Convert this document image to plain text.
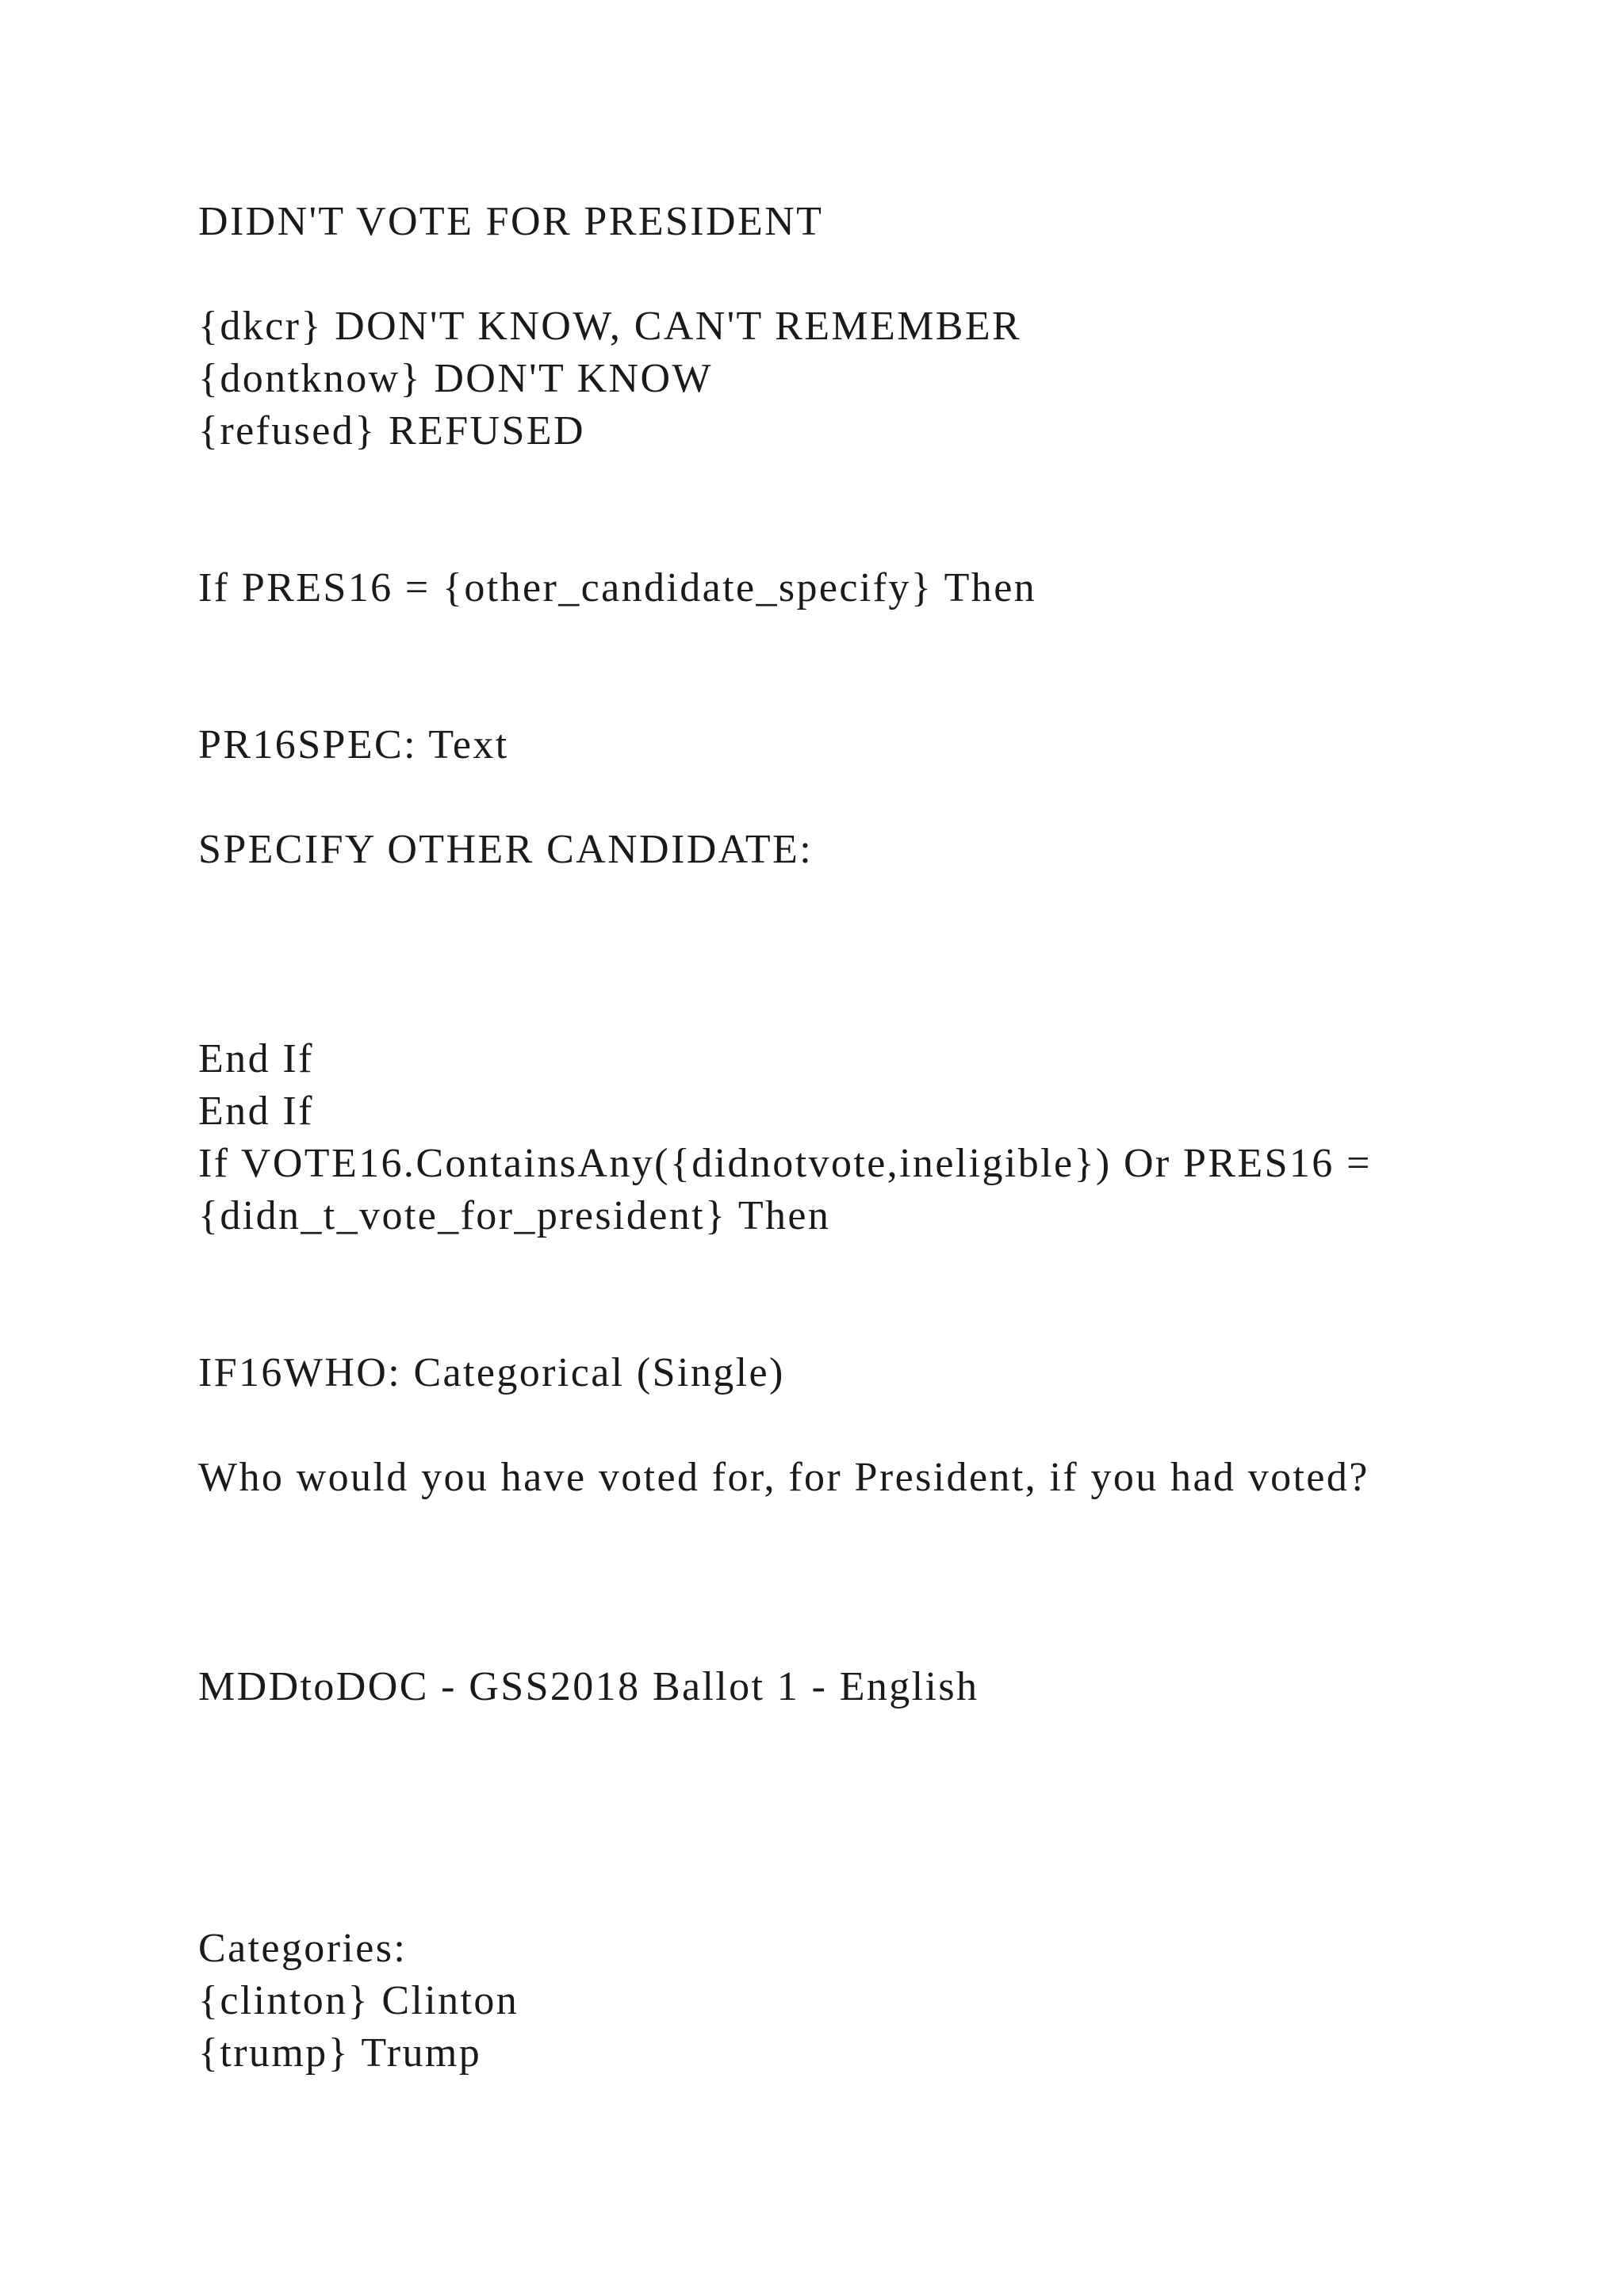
DIDN'T VOTE FOR PRESIDENT
{dkcr} DON'T KNOW, CAN'T REMEMBER
{dontknow} DON'T KNOW
{refused} REFUSED
If PRES16 = {other_candidate_specify} Then
PR16SPEC: Text
SPECIFY OTHER CANDIDATE:
End If
End If
If VOTE16.ContainsAny({didnotvote,ineligible}) Or PRES16 =
{didn_t_vote_for_president} Then
IF16WHO: Categorical (Single)
Who would you have voted for, for President, if you had voted?
MDDtoDOC - GSS2018 Ballot 1 - English
Categories:
{clinton} Clinton
{trump} Trump
